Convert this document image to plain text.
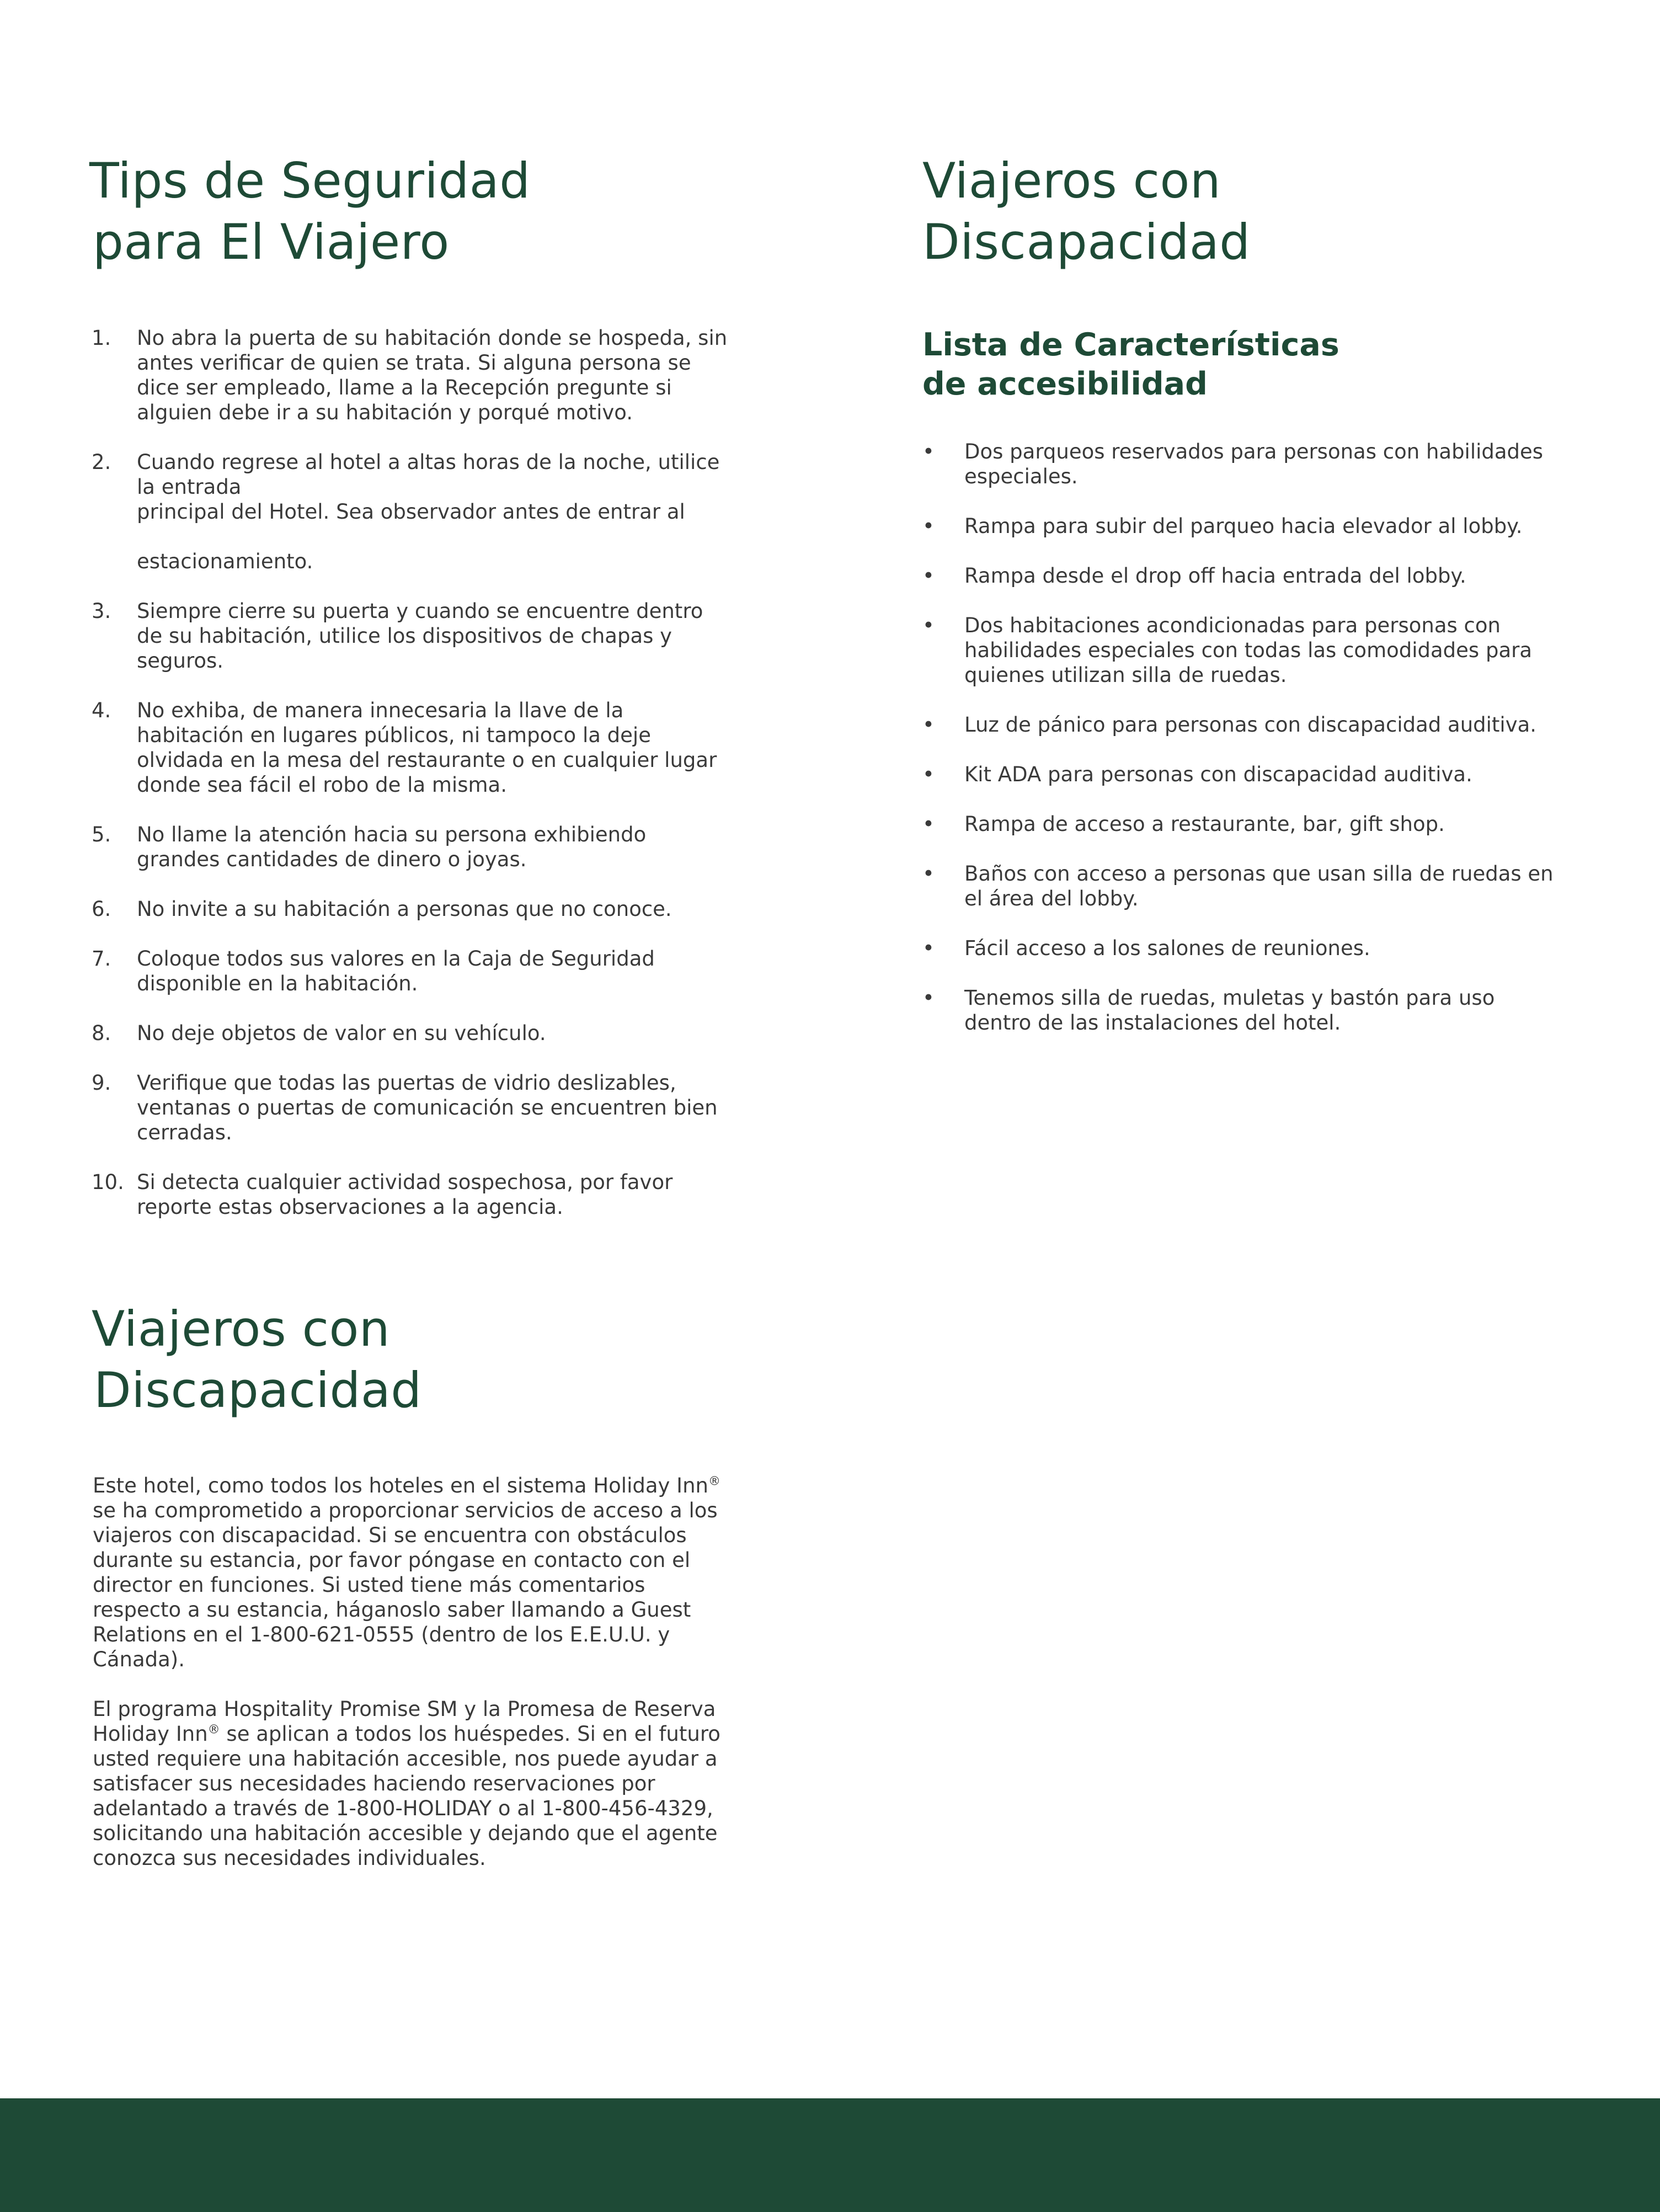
Tips de Seguridad
para El Viajero
1. No abra la puerta de su habitación donde se hospeda, sin
antes verificar de quien se trata. Si alguna persona se
dice ser empleado, llame a la Recepción pregunte si
alguien debe ir a su habitación y porqué motivo.
2. Cuando regrese al hotel a altas horas de la noche, utilice
la entrada
principal del Hotel. Sea observador antes de entrar al
estacionamiento.
3. Siempre cierre su puerta y cuando se encuentre dentro
de su habitación, utilice los dispositivos de chapas y
seguros.
4. No exhiba, de manera innecesaria la llave de la
habitación en lugares públicos, ni tampoco la deje
olvidada en la mesa del restaurante o en cualquier lugar
donde sea fácil el robo de la misma.
5. No llame la atención hacia su persona exhibiendo
grandes cantidades de dinero o joyas.
6. No invite a su habitación a personas que no conoce.
7. Coloque todos sus valores en la Caja de Seguridad
disponible en la habitación.
8. No deje objetos de valor en su vehículo.
9. Verifique que todas las puertas de vidrio deslizables,
ventanas o puertas de comunicación se encuentren bien
cerradas.
10. Si detecta cualquier actividad sospechosa, por favor
reporte estas observaciones a la agencia.
Viajeros con
Discapacidad
Lista de Características
de accesibilidad
• Dos parqueos reservados para personas con habilidades
especiales.
• Rampa para subir del parqueo hacia elevador al lobby.
• Rampa desde el drop off hacia entrada del lobby.
• Dos habitaciones acondicionadas para personas con
habilidades especiales con todas las comodidades para
quienes utilizan silla de ruedas.
• Luz de pánico para personas con discapacidad auditiva.
• Kit ADA para personas con discapacidad auditiva.
• Rampa de acceso a restaurante, bar, gift shop.
• Baños con acceso a personas que usan silla de ruedas en
el área del lobby.
• Fácil acceso a los salones de reuniones.
• Tenemos silla de ruedas, muletas y bastón para uso
dentro de las instalaciones del hotel.
Viajeros con
Discapacidad

Este hotel, como todos los hoteles en el sistema Holiday Inn®
se ha comprometido a proporcionar servicios de acceso a los
viajeros con discapacidad. Si se encuentra con obstáculos
durante su estancia, por favor póngase en contacto con el
director en funciones. Si usted tiene más comentarios
respecto a su estancia, háganoslo saber llamando a Guest
Relations en el 1-800-621-0555 (dentro de los E.E.U.U. y
Cánada).

El programa Hospitality Promise SM y la Promesa de Reserva
Holiday Inn® se aplican a todos los huéspedes. Si en el futuro
usted requiere una habitación accesible, nos puede ayudar a
satisfacer sus necesidades haciendo reservaciones por
adelantado a través de 1-800-HOLIDAY o al 1-800-456-4329,
solicitando una habitación accesible y dejando que el agente
conozca sus necesidades individuales.
